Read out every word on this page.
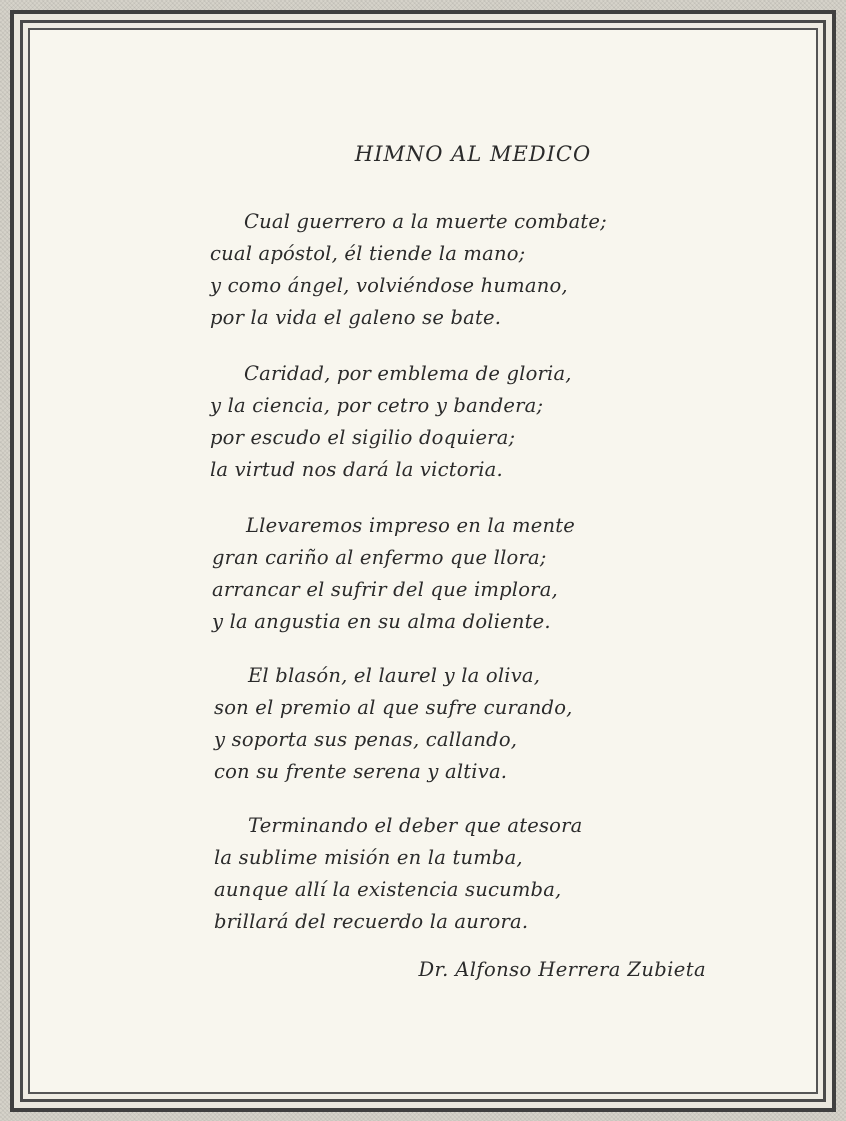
HIMNO AL MEDICO
Cual guerrero a la muerte combate;
cual apóstol, él tiende la mano;
y como ángel, volviéndose humano,
por la vida el galeno se bate.
Caridad, por emblema de gloria,
y la ciencia, por cetro y bandera;
por escudo el sigilio doquiera;
la virtud nos dará la victoria.
Llevaremos impreso en la mente
gran cariño al enfermo que llora;
arrancar el sufrir del que implora,
y la angustia en su alma doliente.
El blasón, el laurel y la oliva,
son el premio al que sufre curando,
y soporta sus penas, callando,
con su frente serena y altiva.
Terminando el deber que atesora
la sublime misión en la tumba,
aunque allí la existencia sucumba,
brillará del recuerdo la aurora.
Dr. Alfonso Herrera Zubieta
